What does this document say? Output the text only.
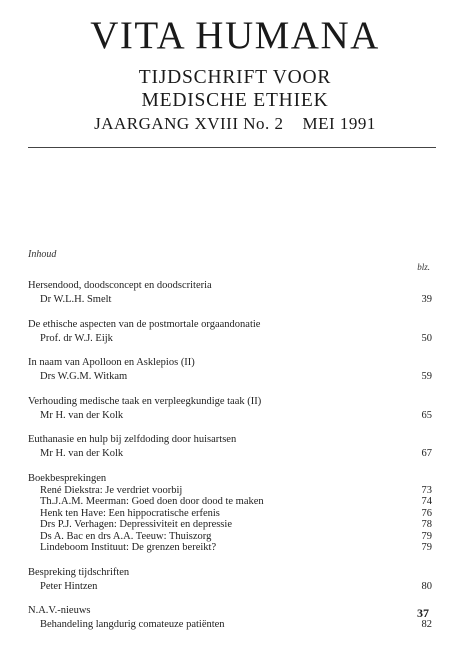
VITA HUMANA
TIJDSCHRIFT VOOR
MEDISCHE ETHIEK
JAARGANG XVIII No. 2    MEI 1991
Inhoud
blz.
Hersendood, doodsconcept en doodscriteria
Dr W.L.H. Smelt	39
De ethische aspecten van de postmortale orgaandonatie
Prof. dr W.J. Eijk	50
In naam van Apolloon en Asklepios (II)
Drs W.G.M. Witkam	59
Verhouding medische taak en verpleegkundige taak (II)
Mr H. van der Kolk	65
Euthanasie en hulp bij zelfdoding door huisartsen
Mr H. van der Kolk	67
Boekbesprekingen
René Diekstra: Je verdriet voorbij	73
Th.J.A.M. Meerman: Goed doen door dood te maken	74
Henk ten Have: Een hippocratische erfenis	76
Drs P.J. Verhagen: Depressiviteit en depressie	78
Ds A. Bac en drs A.A. Teeuw: Thuiszorg	79
Lindeboom Instituut: De grenzen bereikt?	79
Bespreking tijdschriften
Peter Hintzen	80
N.A.V.-nieuws
Behandeling langdurig comateuze patiënten	82
37
